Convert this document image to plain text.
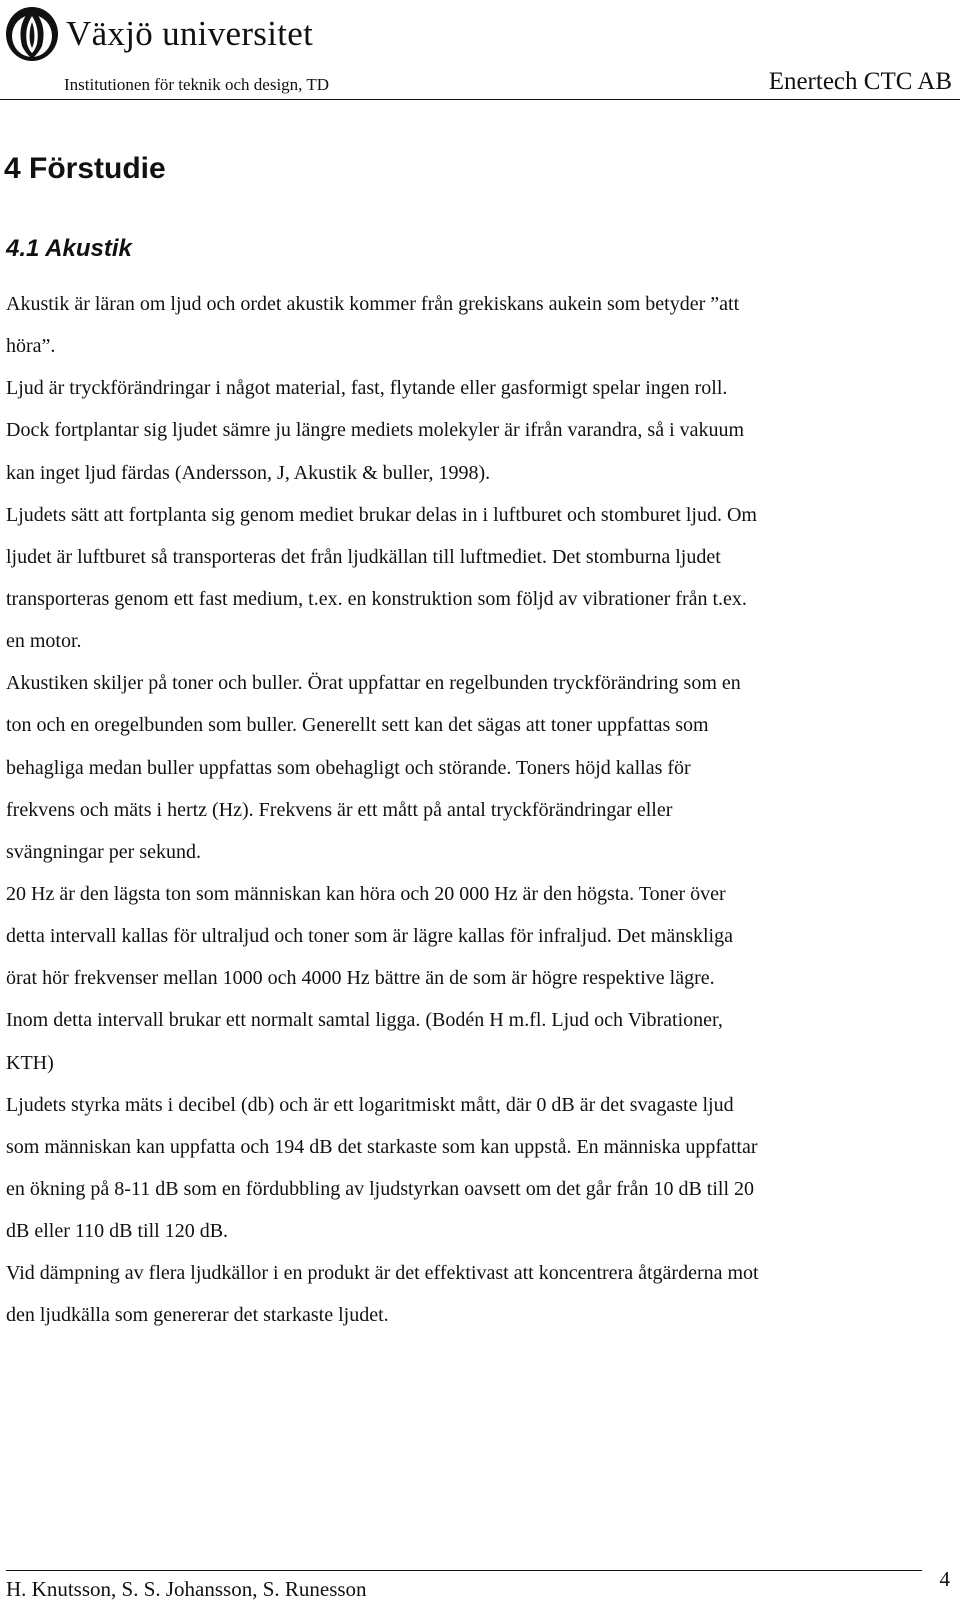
Växjö universitet
Institutionen för teknik och design, TD	Enertech CTC AB
4 Förstudie
4.1 Akustik
Akustik är läran om ljud och ordet akustik kommer från grekiskans aukein som betyder ”att
höra”.
Ljud är tryckförändringar i något material, fast, flytande eller gasformigt spelar ingen roll.
Dock fortplantar sig ljudet sämre ju längre mediets molekyler är ifrån varandra, så i vakuum
kan inget ljud färdas (Andersson, J, Akustik & buller, 1998).
Ljudets sätt att fortplanta sig genom mediet brukar delas in i luftburet och stomburet ljud. Om
ljudet är luftburet så transporteras det från ljudkällan till luftmediet. Det stomburna ljudet
transporteras genom ett fast medium, t.ex. en konstruktion som följd av vibrationer från t.ex.
en motor.
Akustiken skiljer på toner och buller. Örat uppfattar en regelbunden tryckförändring som en
ton och en oregelbunden som buller. Generellt sett kan det sägas att toner uppfattas som
behagliga medan buller uppfattas som obehagligt och störande. Toners höjd kallas för
frekvens och mäts i hertz (Hz). Frekvens är ett mått på antal tryckförändringar eller
svängningar per sekund.
20 Hz är den lägsta ton som människan kan höra och 20 000 Hz är den högsta. Toner över
detta intervall kallas för ultraljud och toner som är lägre kallas för infraljud. Det mänskliga
örat hör frekvenser mellan 1000 och 4000 Hz bättre än de som är högre respektive lägre.
Inom detta intervall brukar ett normalt samtal ligga. (Bodén H m.fl. Ljud och Vibrationer,
KTH)
Ljudets styrka mäts i decibel (db) och är ett logaritmiskt mått, där 0 dB är det svagaste ljud
som människan kan uppfatta och 194 dB det starkaste som kan uppstå. En människa uppfattar
en ökning på 8-11 dB som en fördubbling av ljudstyrkan oavsett om det går från 10 dB till 20
dB eller 110 dB till 120 dB.
Vid dämpning av flera ljudkällor i en produkt är det effektivast att koncentrera åtgärderna mot
den ljudkälla som genererar det starkaste ljudet.
H. Knutsson, S. S. Johansson, S. Runesson	4
